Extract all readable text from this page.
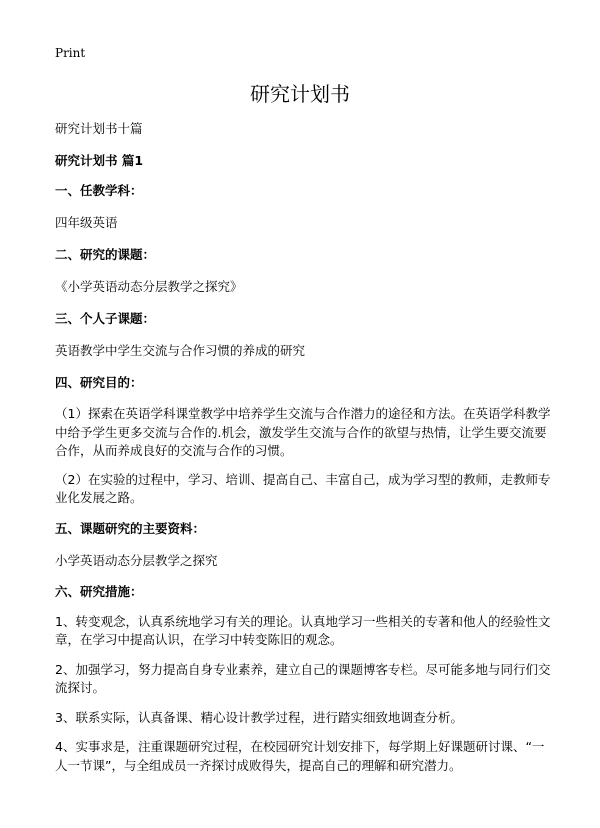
Print
研究计划书

研究计划书十篇

研究计划书 篇1

一、任教学科：

四年级英语

二、研究的课题：

《小学英语动态分层教学之探究》

三、个人子课题：

英语教学中学生交流与合作习惯的养成的研究

四、研究目的：

（1）探索在英语学科课堂教学中培养学生交流与合作潜力的途径和方法。在英语学科教学中给予学生更多交流与合作的.机会，激发学生交流与合作的欲望与热情，让学生要交流要合作，从而养成良好的交流与合作的习惯。

（2）在实验的过程中，学习、培训、提高自己、丰富自己，成为学习型的教师，走教师专业化发展之路。

五、课题研究的主要资料：

小学英语动态分层教学之探究

六、研究措施：

1、转变观念，认真系统地学习有关的理论。认真地学习一些相关的专著和他人的经验性文章，在学习中提高认识，在学习中转变陈旧的观念。

2、加强学习，努力提高自身专业素养，建立自己的课题博客专栏。尽可能多地与同行们交流探讨。

3、联系实际，认真备课、精心设计教学过程，进行踏实细致地调查分析。

4、实事求是，注重课题研究过程，在校园研究计划安排下，每学期上好课题研讨课、“一人一节课”，与全组成员一齐探讨成败得失，提高自己的理解和研究潜力。
